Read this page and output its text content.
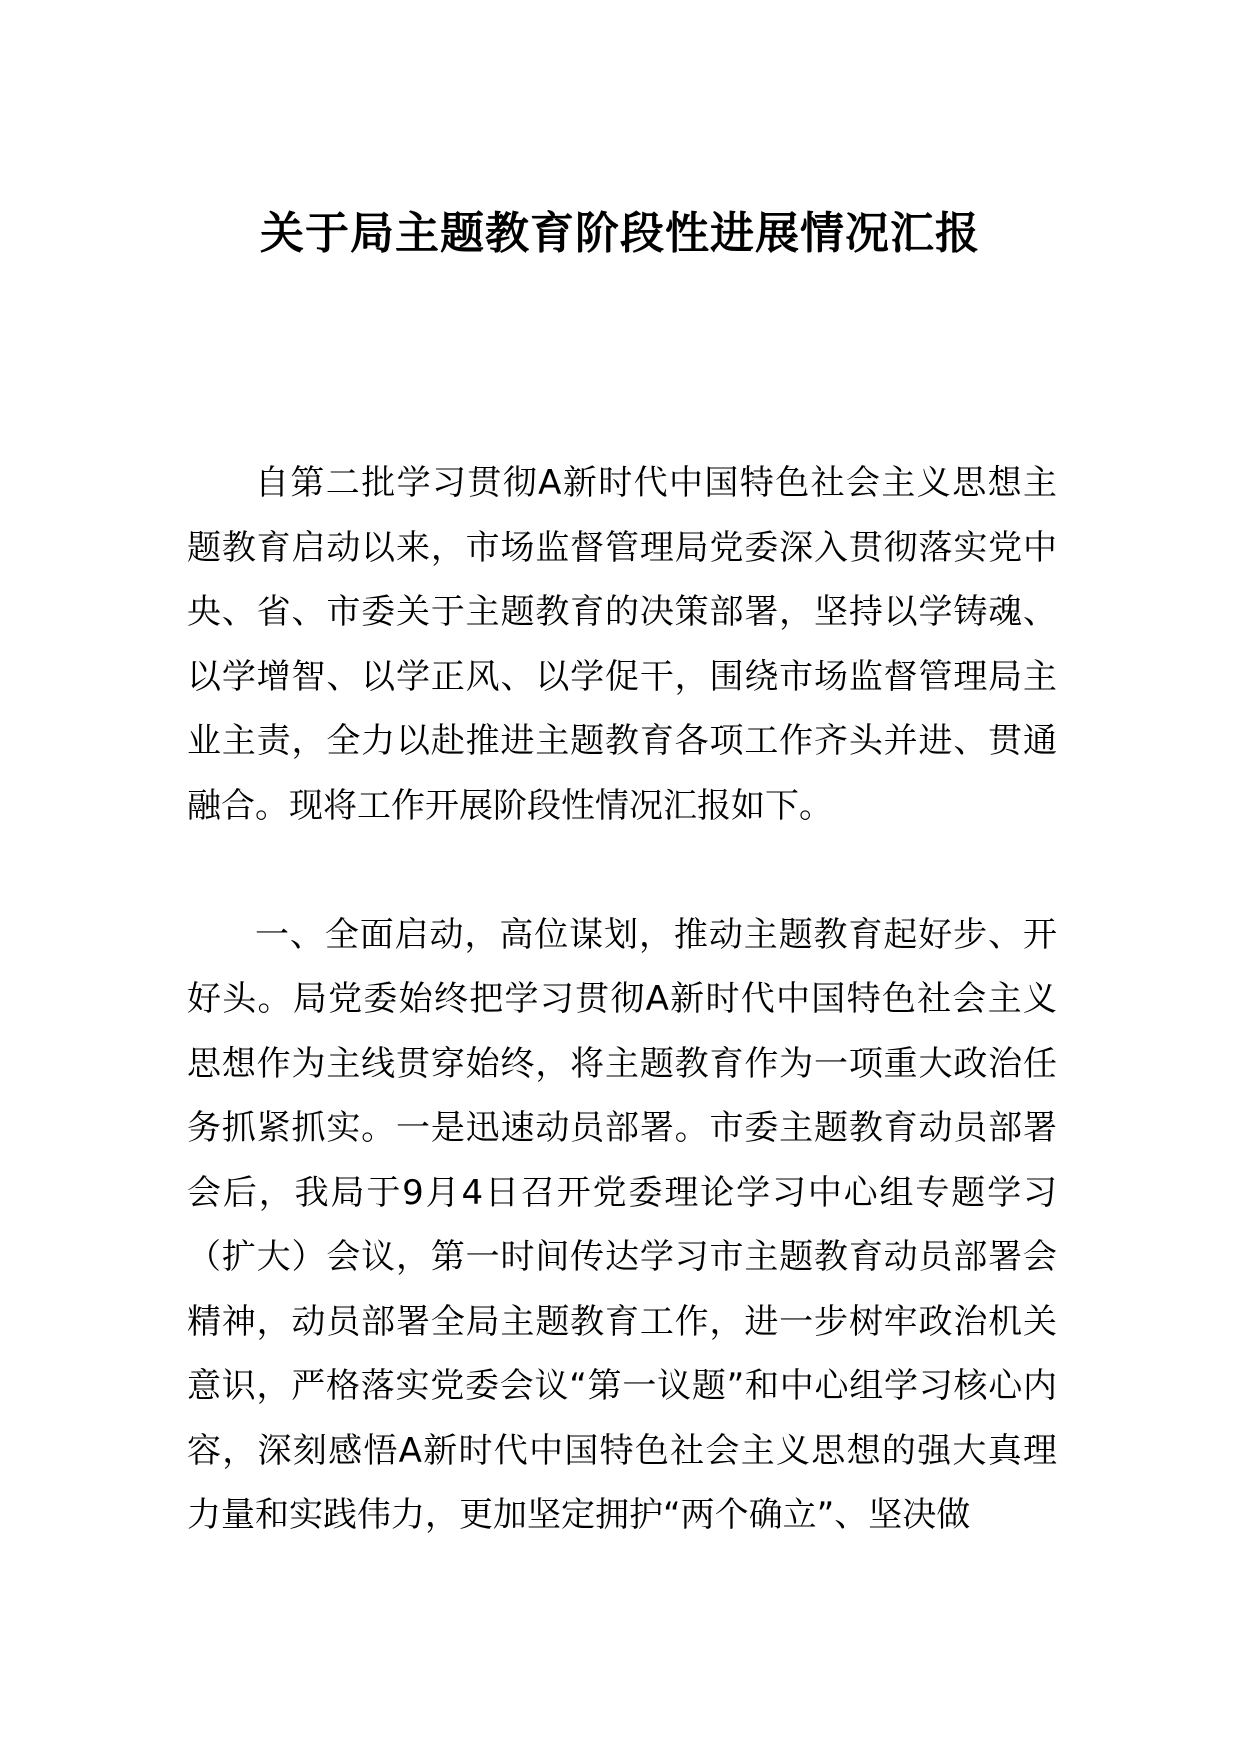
关于局主题教育阶段性进展情况汇报

自第二批学习贯彻A新时代中国特色社会主义思想主题教育启动以来，市场监督管理局党委深入贯彻落实党中央、省、市委关于主题教育的决策部署，坚持以学铸魂、以学增智、以学正风、以学促干，围绕市场监督管理局主业主责，全力以赴推进主题教育各项工作齐头并进、贯通融合。现将工作开展阶段性情况汇报如下。

一、全面启动，高位谋划，推动主题教育起好步、开好头。局党委始终把学习贯彻A新时代中国特色社会主义思想作为主线贯穿始终，将主题教育作为一项重大政治任务抓紧抓实。一是迅速动员部署。市委主题教育动员部署会后，我局于9月4日召开党委理论学习中心组专题学习（扩大）会议，第一时间传达学习市主题教育动员部署会精神，动员部署全局主题教育工作，进一步树牢政治机关意识，严格落实党委会议“第一议题”和中心组学习核心内容，深刻感悟A新时代中国特色社会主义思想的强大真理力量和实践伟力，更加坚定拥护“两个确立”、坚决做
